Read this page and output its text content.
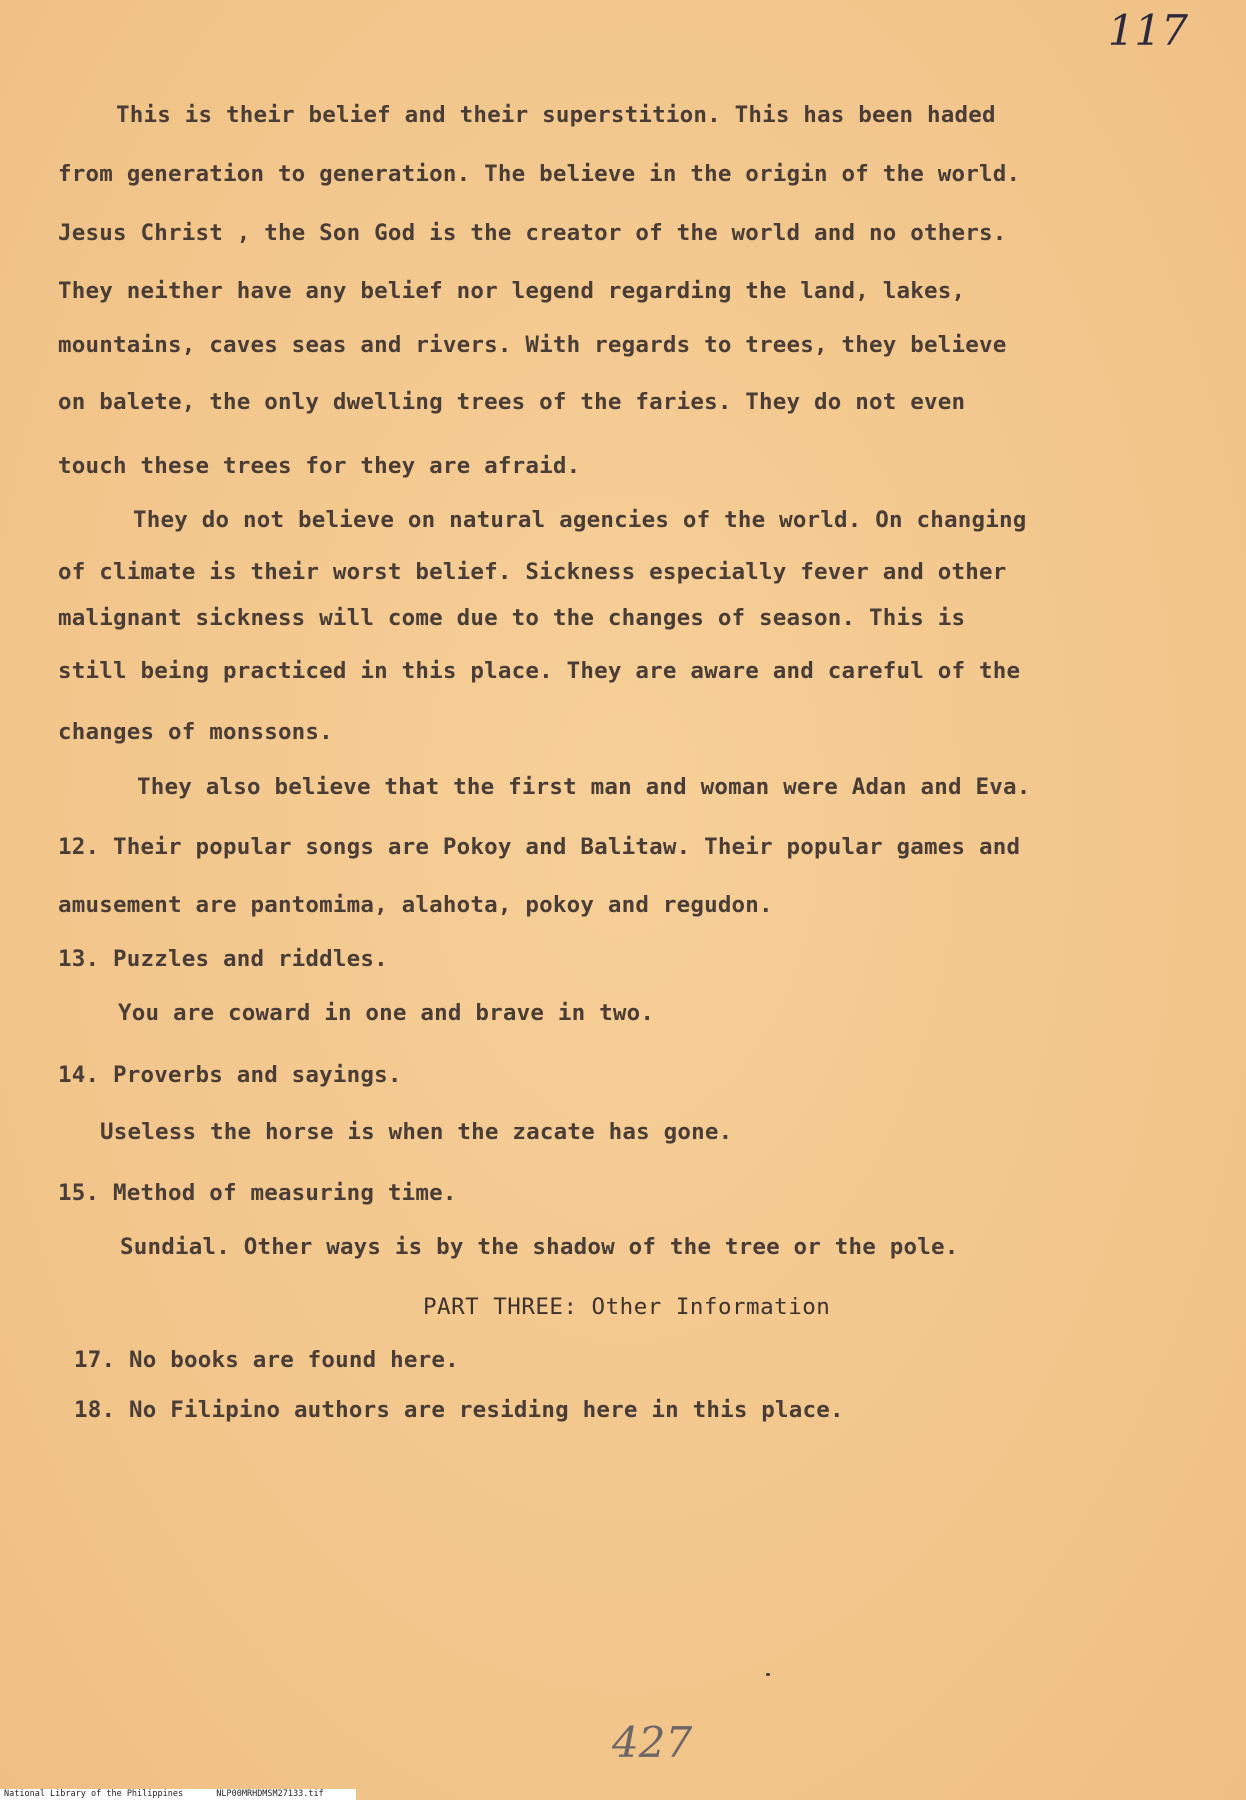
117
This is their belief and their superstition. This has been haded
from generation to generation. The believe in the origin of the world.
Jesus Christ , the Son God is the creator of the world and no others.
They neither have any belief nor legend regarding the land, lakes,
mountains, caves seas and rivers. With regards to trees, they believe
on balete, the only dwelling trees of the faries. They do not even
touch these trees for they are afraid.
They do not believe on natural agencies of the world. On changing
of climate is their worst belief. Sickness especially fever and other
malignant sickness will come due to the changes of season. This is
still being practiced in this place. They are aware and careful of the
changes of monssons.
They also believe that the first man and woman were Adan and Eva.
12. Their popular songs are Pokoy and Balitaw. Their popular games and
amusement are pantomima, alahota, pokoy and regudon.
13. Puzzles and riddles.
You are coward in one and brave in two.
14. Proverbs and sayings.
Useless the horse is when the zacate has gone.
15. Method of measuring time.
Sundial. Other ways is by the shadow of the tree or the pole.
PART THREE: Other Information
17. No books are found here.
18. No Filipino authors are residing here in this place.
427
National Library of the Philippines	NLP00MRHDMSM27133.tif
